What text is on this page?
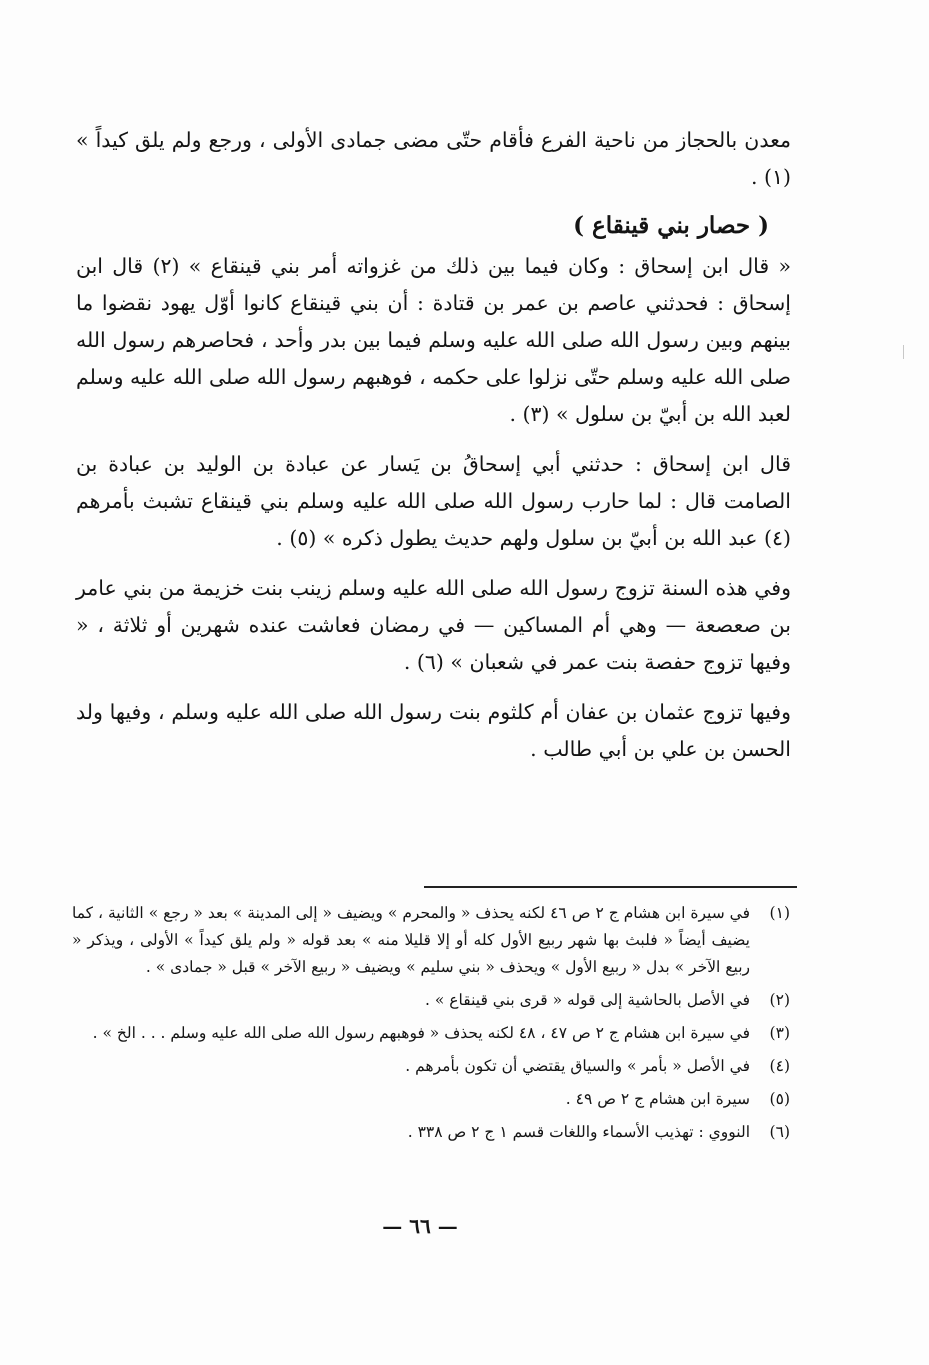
معدن بالحجاز من ناحية الفرع فأقام حتّى مضى جمادى الأولى ، ورجع ولم يلق كيداً » (١) .

( حصار بني قينقاع )

« قال ابن إسحاق : وكان فيما بين ذلك من غزواته أمر بني قينقاع » (٢) قال ابن إسحاق : فحدثني عاصم بن عمر بن قتادة : أن بني قينقاع كانوا أوّل يهود نقضوا ما بينهم وبين رسول الله صلى الله عليه وسلم فيما بين بدر وأحد ، فحاصرهم رسول الله صلى الله عليه وسلم حتّى نزلوا على حكمه ، فوهبهم رسول الله صلى الله عليه وسلم لعبد الله بن أبيّ بن سلول » (٣) .

قال ابن إسحاق : حدثني أبي إسحاقُ بن يَسار عن عبادة بن الوليد بن عبادة بن الصامت قال : لما حارب رسول الله صلى الله عليه وسلم بني قينقاع تشبث بأمرهم (٤) عبد الله بن أبيّ بن سلول ولهم حديث يطول ذكره » (٥) .

وفي هذه السنة تزوج رسول الله صلى الله عليه وسلم زينب بنت خزيمة من بني عامر بن صعصعة — وهي أم المساكين — في رمضان فعاشت عنده شهرين أو ثلاثة ، « وفيها تزوج حفصة بنت عمر في شعبان » (٦) .

وفيها تزوج عثمان بن عفان أم كلثوم بنت رسول الله صلى الله عليه وسلم ، وفيها ولد الحسن بن علي بن أبي طالب .

(١)
في سيرة ابن هشام ج ٢ ص ٤٦ لكنه يحذف « والمحرم » ويضيف « إلى المدينة » بعد « رجع » الثانية ، كما يضيف أيضاً « فلبث بها شهر ربيع الأول كله أو إلا قليلا منه » بعد قوله « ولم يلق كيداً » الأولى ، ويذكر « ربيع الآخر » بدل « ربيع الأول » ويحذف « بني سليم » ويضيف « ربيع الآخر » قبل « جمادى » .
(٢)
في الأصل بالحاشية إلى قوله « قرى بني قينقاع » .
(٣)
في سيرة ابن هشام ج ٢ ص ٤٧ ، ٤٨ لكنه يحذف « فوهبهم رسول الله صلى الله عليه وسلم . . . الخ » .
(٤)
في الأصل « بأمر » والسياق يقتضي أن تكون بأمرهم .
(٥)
سيرة ابن هشام ج ٢ ص ٤٩ .
(٦)
النووي : تهذيب الأسماء واللغات قسم ١ ج ٢ ص ٣٣٨ .
— ٦٦ —
